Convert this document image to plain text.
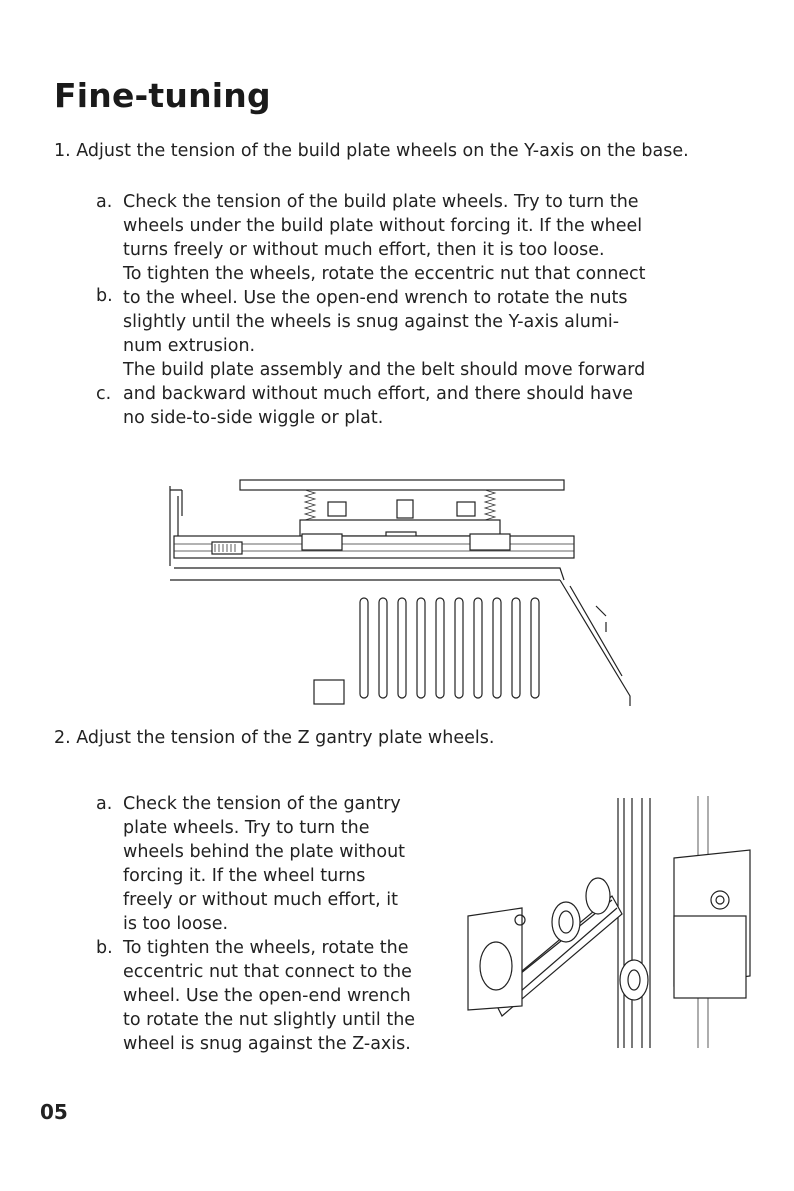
Fine-tuning

1. Adjust the tension of the build plate wheels on the Y-axis on the base.

a. Check the tension of the build plate wheels. Try to turn the
wheels under the build plate without forcing it. If the wheel
turns freely or without much effort, then it is too loose.
b.
To tighten the wheels, rotate the eccentric nut that connect
to the wheel. Use the open-end wrench to rotate the nuts
slightly until the wheels is snug against the Y-axis alumi-
num extrusion.
c.
The build plate assembly and the belt should move forward
and backward without much effort, and there should have
no side-to-side wiggle or plat.

2. Adjust the tension of the Z gantry plate wheels.

a. Check the tension of the gantry
plate wheels. Try to turn the
wheels behind the plate without
forcing it. If the wheel turns
freely or without much effort, it
is too loose.
b. To tighten the wheels, rotate the
eccentric nut that connect to the
wheel. Use the open-end wrench
to rotate the nut slightly until the
wheel is snug against the Z-axis.
05
